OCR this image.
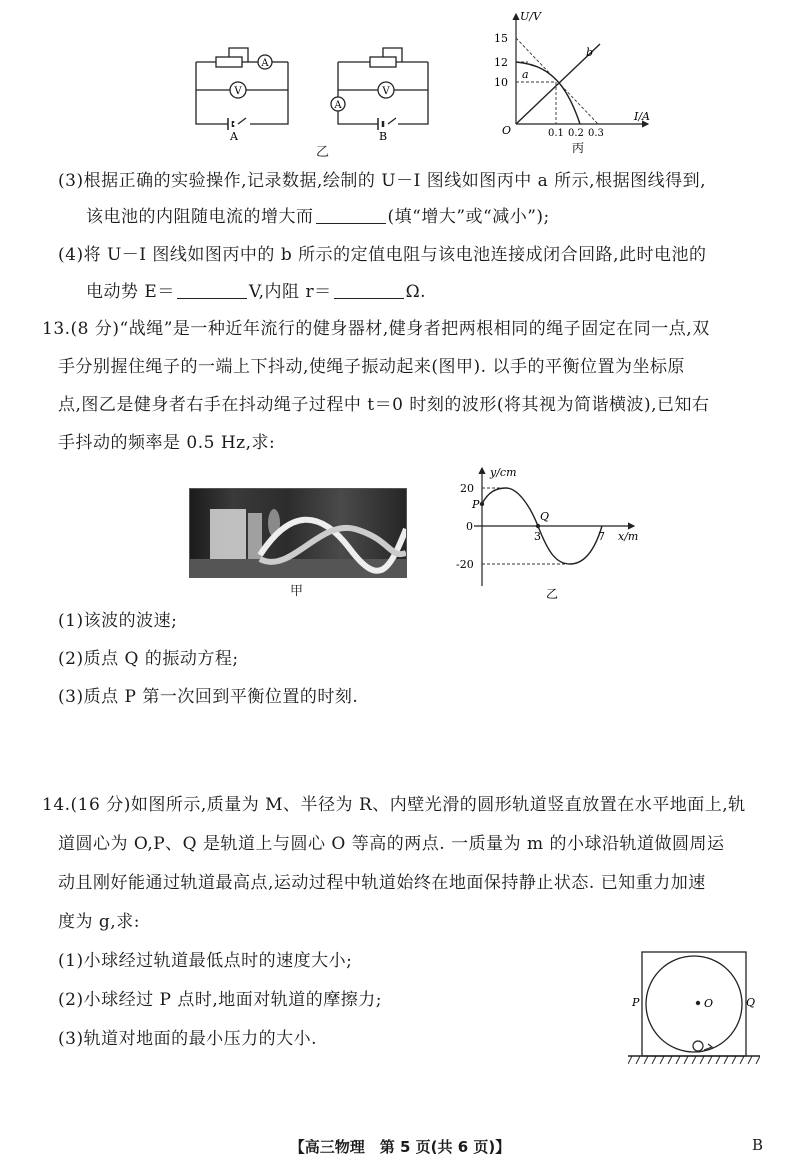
A
V
A
A
V
B
乙
U/V
I/A
O
15
12
10
0.1 0.2 0.3
a
b
丙
(3)根据正确的实验操作,记录数据,绘制的 U－I 图线如图丙中 a 所示,根据图线得到,
该电池的内阻随电流的增大而	(填“增大”或“减小”);
(4)将 U－I 图线如图丙中的 b 所示的定值电阻与该电池连接成闭合回路,此时电池的
电动势 E＝	V,内阻 r＝	Ω.
13.(8 分)“战绳”是一种近年流行的健身器材,健身者把两根相同的绳子固定在同一点,双
手分别握住绳子的一端上下抖动,使绳子振动起来(图甲). 以手的平衡位置为坐标原
点,图乙是健身者右手在抖动绳子过程中 t＝0 时刻的波形(将其视为简谐横波),已知右
手抖动的频率是 0.5 Hz,求:
甲
y/cm
x/m
20
0
-20
3	7
P
Q
乙
(1)该波的波速;
(2)质点 Q 的振动方程;
(3)质点 P 第一次回到平衡位置的时刻.
14.(16 分)如图所示,质量为 M、半径为 R、内壁光滑的圆形轨道竖直放置在水平地面上,轨
道圆心为 O,P、Q 是轨道上与圆心 O 等高的两点. 一质量为 m 的小球沿轨道做圆周运
动且刚好能通过轨道最高点,运动过程中轨道始终在地面保持静止状态. 已知重力加速
度为 g,求:
(1)小球经过轨道最低点时的速度大小;
(2)小球经过 P 点时,地面对轨道的摩擦力;
(3)轨道对地面的最小压力的大小.
O
P	Q
【高三物理　第 5 页(共 6 页)】	B
